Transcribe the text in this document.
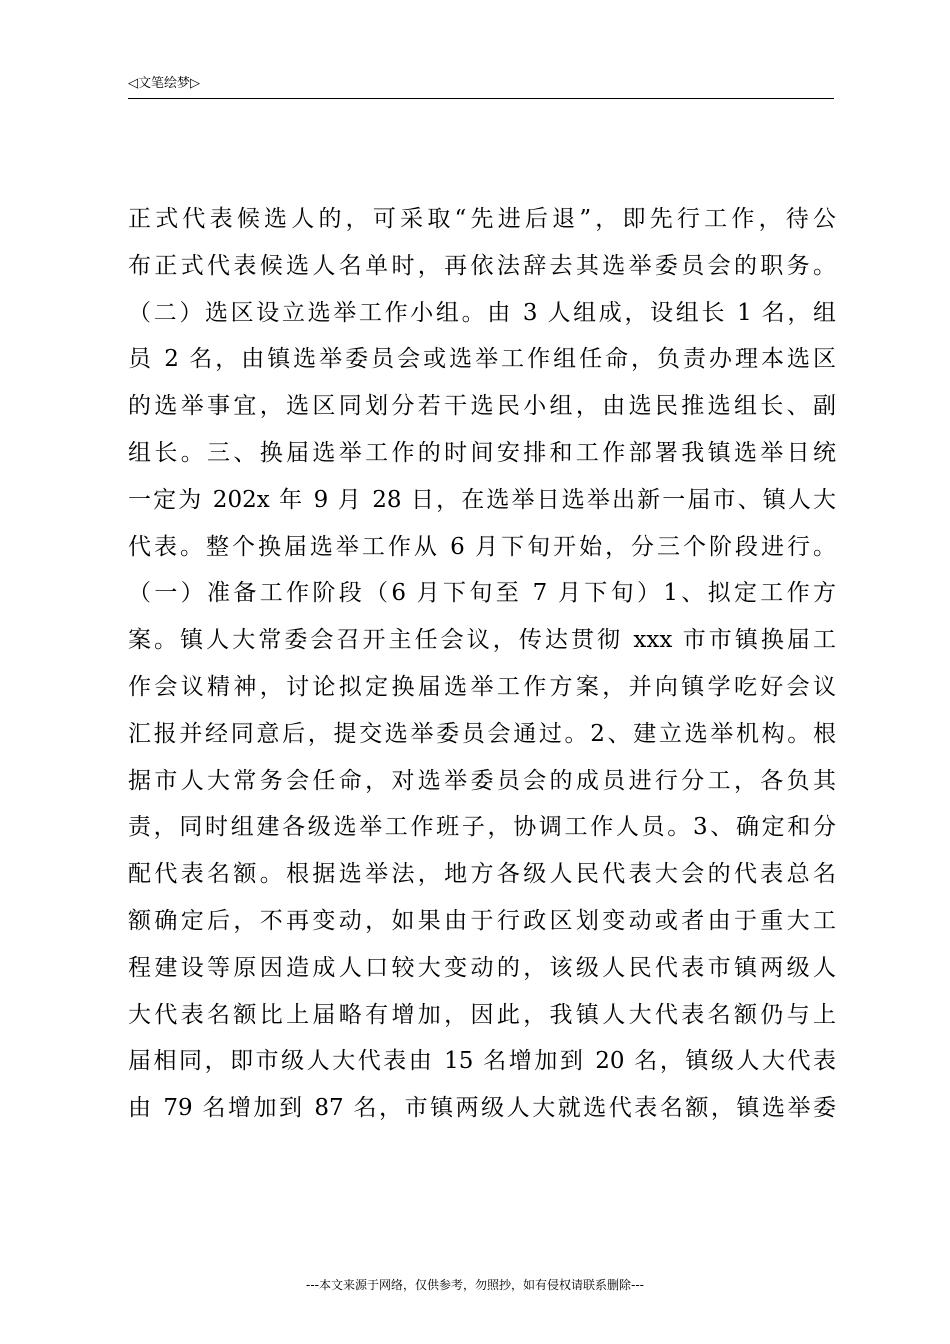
◁文笔绘梦▷
正式代表候选人的，可采取“先进后退”，即先行工作，待公
布正式代表候选人名单时，再依法辞去其选举委员会的职务。
（二）选区设立选举工作小组。由 3 人组成，设组长 1 名，组
员 2 名，由镇选举委员会或选举工作组任命，负责办理本选区
的选举事宜，选区同划分若干选民小组，由选民推选组长、副
组长。三、换届选举工作的时间安排和工作部署我镇选举日统
一定为 202x 年 9 月 28 日，在选举日选举出新一届市、镇人大
代表。整个换届选举工作从 6 月下旬开始，分三个阶段进行。
（一）准备工作阶段（6 月下旬至 7 月下旬）1、拟定工作方
案。镇人大常委会召开主任会议，传达贯彻 xxx 市市镇换届工
作会议精神，讨论拟定换届选举工作方案，并向镇学吃好会议
汇报并经同意后，提交选举委员会通过。2、建立选举机构。根
据市人大常务会任命，对选举委员会的成员进行分工，各负其
责，同时组建各级选举工作班子，协调工作人员。3、确定和分
配代表名额。根据选举法，地方各级人民代表大会的代表总名
额确定后，不再变动，如果由于行政区划变动或者由于重大工
程建设等原因造成人口较大变动的，该级人民代表市镇两级人
大代表名额比上届略有增加，因此，我镇人大代表名额仍与上
届相同，即市级人大代表由 15 名增加到 20 名，镇级人大代表
由 79 名增加到 87 名，市镇两级人大就选代表名额，镇选举委
---本文来源于网络，仅供参考，勿照抄，如有侵权请联系删除---
